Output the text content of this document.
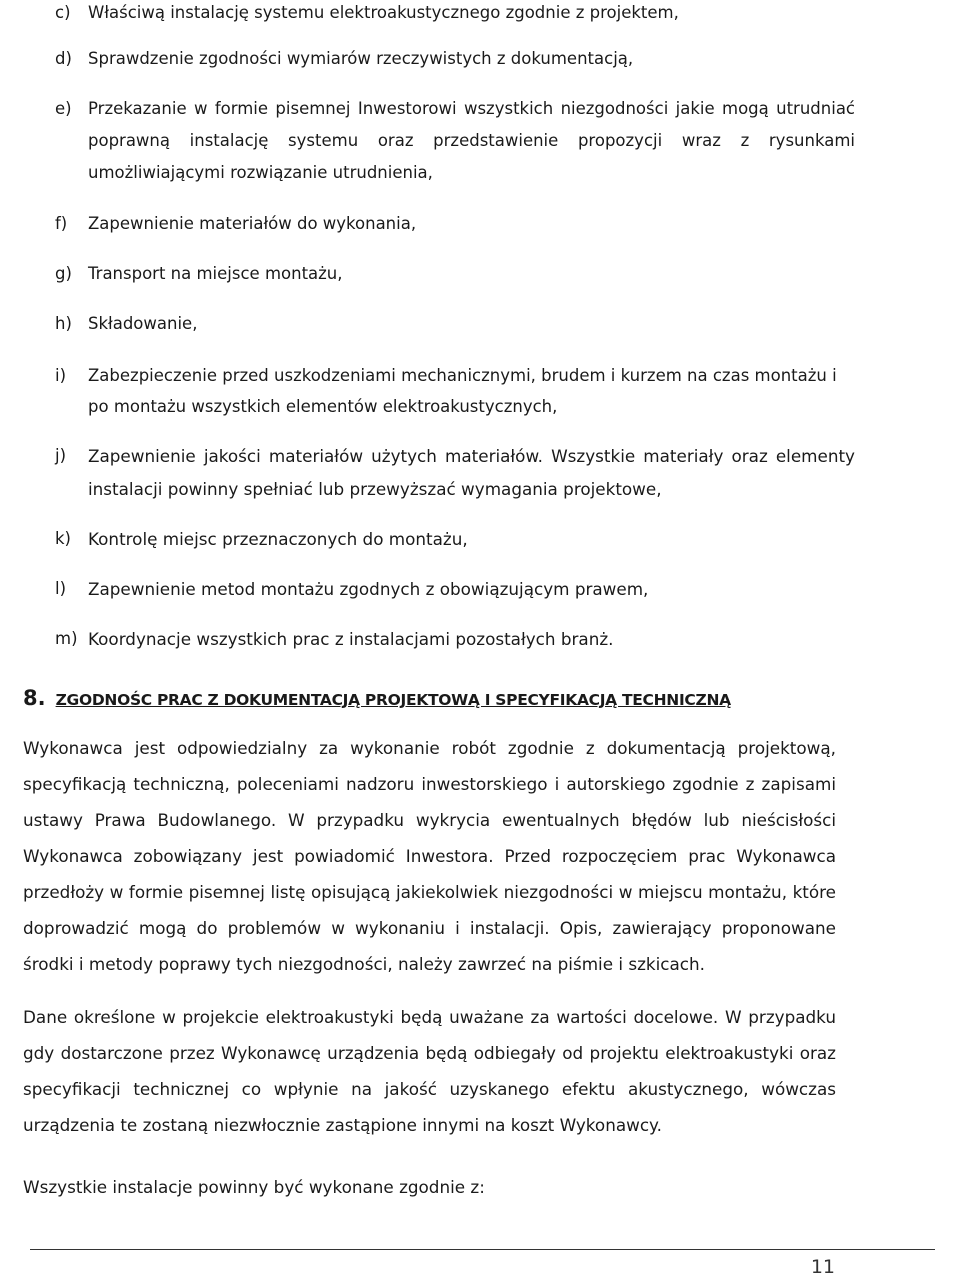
c) Właściwą instalację systemu elektroakustycznego zgodnie z projektem,
d) Sprawdzenie zgodności wymiarów rzeczywistych z dokumentacją,
e) Przekazanie w formie pisemnej Inwestorowi wszystkich niezgodności jakie mogą utrudniać poprawną instalację systemu oraz przedstawienie propozycji wraz z rysunkami umożliwiającymi rozwiązanie utrudnienia,
f) Zapewnienie materiałów do wykonania,
g) Transport na miejsce montażu,
h) Składowanie,
i) Zabezpieczenie przed uszkodzeniami mechanicznymi, brudem i kurzem na czas montażu i po montażu wszystkich elementów elektroakustycznych,
j) Zapewnienie jakości materiałów użytych materiałów. Wszystkie materiały oraz elementy instalacji powinny spełniać lub przewyższać wymagania projektowe,
k) Kontrolę miejsc przeznaczonych do montażu,
l) Zapewnienie metod montażu zgodnych z obowiązującym prawem,
m) Koordynacje wszystkich prac z instalacjami pozostałych branż.
8. ZGODNOŚC PRAC Z DOKUMENTACJĄ PROJEKTOWĄ I SPECYFIKACJĄ TECHNICZNĄ
Wykonawca jest odpowiedzialny za wykonanie robót zgodnie z dokumentacją projektową, specyfikacją techniczną, poleceniami nadzoru inwestorskiego i autorskiego zgodnie z zapisami ustawy Prawa Budowlanego. W przypadku wykrycia ewentualnych błędów lub nieścisłości Wykonawca zobowiązany jest powiadomić Inwestora. Przed rozpoczęciem prac Wykonawca przedłoży w formie pisemnej listę opisującą jakiekolwiek niezgodności w miejscu montażu, które doprowadzić mogą do problemów w wykonaniu i instalacji. Opis, zawierający proponowane środki i metody poprawy tych niezgodności, należy zawrzeć na piśmie i szkicach.
Dane określone w projekcie elektroakustyki będą uważane za wartości docelowe. W przypadku gdy dostarczone przez Wykonawcę urządzenia będą odbiegały od projektu elektroakustyki oraz specyfikacji technicznej co wpłynie na jakość uzyskanego efektu akustycznego, wówczas urządzenia te zostaną niezwłocznie zastąpione innymi na koszt Wykonawcy.
Wszystkie instalacje powinny być wykonane zgodnie z:
11
